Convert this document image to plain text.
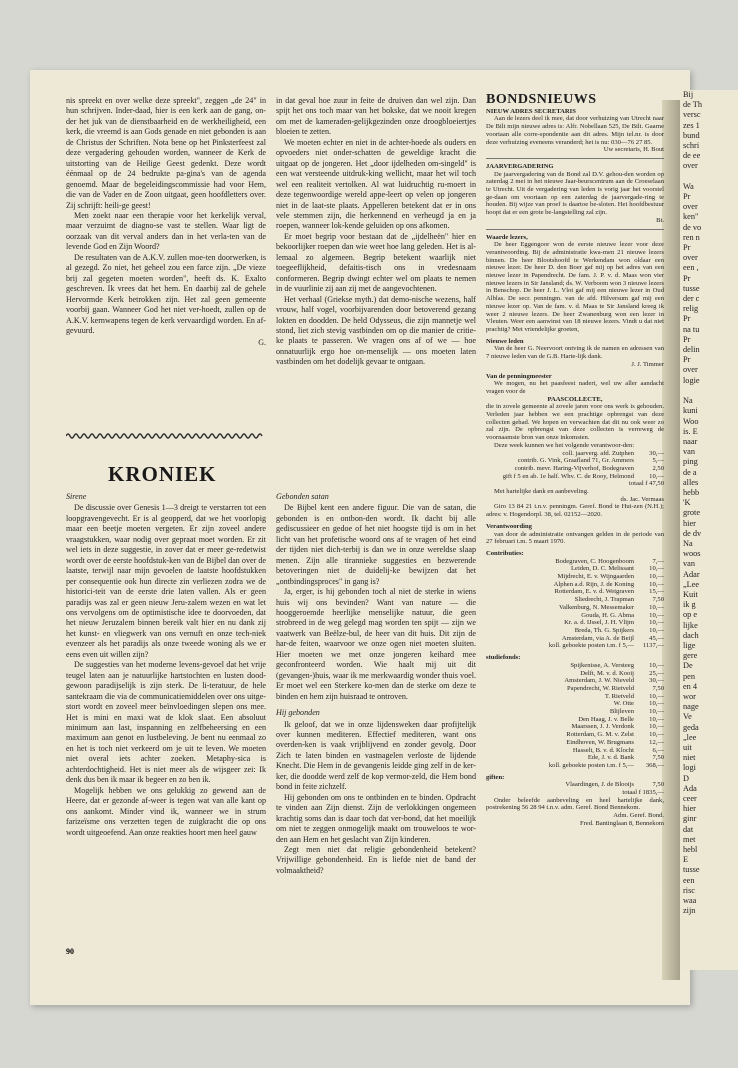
Bij
de Th
versc
zes 1
bund
schri
de ee
over

Wa
Pr
over
ken"
de vo
ren n
Pr
over
een ,
Pr
tusse
der c
relig
Pr
na tu
Pr
delin
Pr
over
logie

Na
kuni
Woo
is. E
naar
van
ping
de a
alles
hebb
'K
grote
hier
de dv
Na
woos
van
Adar
„Lee
Kuit
ik g
op e
lijke
dach
lige
gere
De
pen
en 4
wor
nage
Ve
geda
„lee
uit
niet
logi
D
Ada
ceer
hier
ginr
dat
met
hebl
E
tusse
een
risc
waa
zijn

nis spreekt en over welke deze spreekt", zeggen „de 24" in hun schrijven. Inder-daad, hier is een kerk aan de gang, on-der het juk van de dienstbaarheid en de werkheiligheid, een kerk, die vreemd is aan Gods genade en niet gebonden is aan de Christus der Schriften. Nota bene op het Pinksterfeest zal deze vergadering gehouden worden, wanneer de Kerk de uitstorting van de Heilige Geest gedenkt. Deze wordt éénmaal op de 24 bedrukte pa-gina's van de agenda genoemd. Maar de begeleidingscommissie had voor Hem, die van de Vader en de Zoon uitgaat, geen hoofdletters over. Zij schrijft: heili-ge geest!

Men zoekt naar een therapie voor het kerkelijk verval, maar verzuimt de diagno-se vast te stellen. Waar ligt de oorzaak van dit verval anders dan in het verla-ten van de levende God en Zijn Woord?

De resultaten van de A.K.V. zullen moe-ten doorwerken, is al gezegd. Zo niet, het geheel zou een farce zijn. „De vieze brij zal gegeten moeten worden", heeft ds. K. Exalto geschreven. Ik vrees dat het hem. En daarbij zal de gehele Hervormde Kerk betrokken zijn. Het zal geen gemeente voorbij gaan. Wanneer God het niet ver-hoedt, zullen op de A.K.V. kernwapens tegen de kerk vervaardigd worden. En af-gevuurd.

G.

in dat geval hoe zuur in feite de druiven dan wel zijn. Dan spijt het ons toch maar van het bokske, dat we nooit kregen om met de kameraden-gelijkgezinden onze droogbloeiertjes bloeien te zetten.

We moeten echter en niet in de achter-hoede als ouders en opvoeders niet onder-schatten de geweldige kracht die uitgaat op de jongeren. Het „door ijdelheden om-singeld" is een wat versteende uitdruk-king wellicht, maar het wil toch wel een realiteit vertolken. Al wat luidruchtig ru-moert in deze tegenwoordige wereld appe-leert op velen op jongeren niet in de laat-ste plaats. Appelleren betekent dat er in ons vele stemmen zijn, die herkennend en verheugd ja en ja roepen, wanneer lok-kende geluiden op ons afkomen.

Er moet begrip voor bestaan dat de „ijdelheën" hier en bekoorlijker roepen dan wie weet hoe lang geleden. Het is al-lemaal zo algemeen. Begrip betekent waarlijk niet toegeeflijkheid, defaitis-tisch ons in vredesnaam conformeren. Begrip dwingt echter wel om plaats te nemen in de vuurlinie zij aan zij met de aangevochtenen.

Het verhaal (Griekse myth.) dat demo-nische wezens, half vrouw, half vogel, voorbijvarenden door betoverend gezang lokten en doodden. De held Odysseus, die zijn mannetje wel stond, liet zich stevig vastbinden om op die manier de critie-ke plaats te passeren. We vragen ons af of we — hoe onnatuurlijk ergo hoe on-menselijk — ons moeten laten vastbinden om het dodelijk gevaar te ontgaan.

KRONIEK
Sirene

De discussie over Genesis 1—3 dreigt te verstarren tot een loopgravengevecht. Er is al geopperd, dat we het voorlopig maar een beetje moeten vergeten. Er zijn zoveel andere vraagstukken, waar nodig over gepraat moet worden. Er zit wel iets in deze suggestie, in zover dat er meer ge-redetwist wordt over de eerste hoofdstuk-ken van de Bijbel dan over de laatste, terwijl naar mijn gevoelen de laatste hoofdstukken per consequentie ook hun directe zin verliezen zodra we de historici-teit van de eerste drie laten vallen. Als er geen paradijs was zal er geen nieuw Jeru-zalem wezen en wat let ons vervolgens om de optimistische idee te doorvoeden, dat het nieuw Jeruzalem binnen bereik valt hier en nu dank zij het kunst- en vliegwerk van ons vernuft en onze tech-niek evenzeer als het paradijs als onze tweede woning als we er eens even uit willen zijn?

De suggesties van het moderne levens-gevoel dat het vrije teugel laten aan je natuurlijke hartstochten en lusten dood-gewoon paradijselijk is zijn sterk. De li-teratuur, de hele santekraam die via de communicatiemiddelen over ons uitge-stort wordt en zoveel meer beïnvloedingen slepen ons mee. Het is mini en maxi wat de klok slaat. Een absoluut minimum aan last, inspanning en zelfbeheersing en een maximum aan genot en lustbeleving. Je bent nu eenmaal zo en het is toch niet verkeerd om je uit te leven. We moeten niet overal iets achter zoeken. Metaphy-sica is achterdochtigheid. Het is niet meer als de wijsgeer zei: Ik denk dus ben ik maar ik begeer en zo ben ik.

Mogelijk hebben we ons gelukkig zo gewend aan de Heere, dat er gezonde af-weer is tegen wat van alle kant op ons aankomt. Minder vind ik, wanneer we in strum farizeïsme ons verzetten tegen de zuigkracht die op ons wordt uitgeoefend. Aan onze reakties hoort men heel gauw

Gebonden satan

De Bijbel kent een andere figuur. Die van de satan, die gebonden is en ontbon-den wordt. Ik dacht bij alle gediscussieer en gedoe of het niet hoogste tijd is om in het licht van het profetische woord ons af te vragen of het eind der tijden niet dich-terbij is dan we in onze wereldse slaap menen. Zijn alle tirannieke suggesties en bezwerende betoveringen niet de duidelij-ke bewijzen dat het „ontbindingsproces" in gang is?

Ja, erger, is hij gebonden toch al niet de sterke in wiens huis wij ons bevinden? Want van nature — die hooggeroemde heerlijke menselijke natuur, die geen strobreed in de weg gelegd mag worden ten spijt — zijn we vaatwerk van Beëlze-bul, de heer van dit huis. Dit zijn de har-de feiten, waarvoor we onze ogen niet moeten sluiten. Hier moeten we met onze jongeren keihard mee geconfronteerd worden. Wie haalt mij uit dit (gevangen-)huis, waar ik me merkwaardig wonder thuis voel. Er moet wel een Sterkere ko-men dan de sterke om deze te binden en hem zijn huisraad te ontroven.

Hij gebonden

Ik geloof, dat we in onze lijdensweken daar profijtelijk over kunnen mediteren. Effectief mediteren, want ons overden-ken is vaak vrijblijvend en zonder gevolg. Door Zich te laten binden en vastnagelen verloste de lijdende Knecht. Die Hem in de gevangenis leidde ging zelf in de ker-ker, die doodde werd zelf de kop vermor-zeld, die Hem bond bond in feite zichzelf.

Hij gebonden om ons te ontbinden en te binden. Opdracht te vinden aan Zijn dienst. Zijn de verlokkingen ongemeen krachtig soms dan is daar toch dat ver-bond, dat het moeilijk om niet te zeggen onmogelijk maakt om trouweloos te wor-den aan Hem en het geslacht van Zijn kinderen.

Zegt men niet dat religie gebondenheid betekent? Vrijwillige gebondenheid. En is liefde niet de band der volmaaktheid?

90
BONDSNIEUWS
NIEUW ADRES SECRETARIS

Aan de lezers deel ik mee, dat door verhuizing van Utrecht naar De Bilt mijn nieuwe adres is: Alfr. Nobellaan 525, De Bilt. Gaarne voortaan alle corre-spondentie aan dit adres. Mijn tel.nr. is door deze verhuizing eveneens veranderd; het is nu: 030—76 27 85.

Uw secretaris, H. Bout
JAARVERGADERING

De jaarvergadering van de Bond zal D.V. gehou-den worden op zaterdag 2 mei in het nieuwe Jaar-beurscentrum aan de Croeselaan te Utrecht. Uit de vergadering van leden is vorig jaar het voorstel ge-daan om voortaan op een zaterdag de jaarvergade-ring te houden. Bij wijze van proef is daartoe be-sloten. Het hoofdbestuur hoopt dat er een grote be-langstelling zal zijn.

Bt.
Waarde lezers,

De heer Eggengoor won de eerste nieuwe lezer voor deze verantwoording. Bij de administratie kwa-men 21 nieuwe lezers binnen. De heer Blootshoofd te Werkendam won oldaar een nieuwe lezer. De heer D. den Boer gaf mij op het adres van een nieuwe lezer in Papendrecht. De fam. J. P. v. d. Maas won vier nieuwe lezers in Sir Jansland; ds. W. Verboom won 3 nieuwe lezers in Benschop. De heer J. L. Vlot gaf mij een nieuwe lezer in Oud Alblas. De secr. penningm. van de afd. Hilversum gaf mij een nieuwe lezer op. Van de fam. v. d. Maas te Sir Jansland kreeg ik weer 2 nieuwe lezers. De heer Zwanenburg won een lezer in Vleuten. Weer een aanwinst van 18 nieuwe lezers. Vindt u dat niet prachtig? Met vriendelijke groeten,

Nieuwe leden

Van de heer G. Neervoort ontving ik de namen en adressen van 7 nieuwe leden van de G.B. Harte-lijk dank.

J. J. Timmer
Van de penningmeester

We mogen, nu het paasfeest nadert, wel uw aller aandacht vragen voor de

PAASCOLLECTE,

die in zovele gemeente al zovele jaren voor ons werk is gehouden. Verleden jaar hebben we een prachtige opbrengst van deze collecten gehad. We hopen en verwachten dat dit nu ook weer zo zal zijn. De opbrengst van deze collecten is verreweg de voornaamste bron van onze inkomsten.

Deze week kunnen we het volgende verantwoor-den:

coll. jaarverg. afd. Zutphen	30,—
contrib. G. Vink, Graafland 71, Gr. Ammers	5,—
contrib. mevr. Haring-Vijverhof, Bodegraven	2,50
gift f 5 en ab. 1e half. Whv. C. de Rooy, Helmond	10,—
totaal f 47,50

Met hartelijke dank en aanbeveling.

ds. Jac. Vermaas

Giro 13 84 21 t.n.v. penningm. Geref. Bond te Hui-zen (N.H.); adres: v. Hogendorpl. 38, tel. 02152—2020.

Verantwoording

van door de administratie ontvangen gelden in de periode van 27 februari t.m. 5 maart 1970.

Contributies:
Bodegraven, C. Hoogenboom	7,—
Leiden, D. C. Melissant	10,—
Mijdrecht, E. v. Wijngaarden	10,—
Alphen a.d. Rijn, J. de Koning	10,—
Rotterdam, E. v. d. Wetgraven	15,—
Sliedrecht, J. Trapman	7,50
Valkenburg, N. Messemaker	10,—
Gouda, H. G. Abma	10,—
Kr. a. d. IJssel, J. H. Vlijm	10,—
Breda, Th. G. Spijkers	10,—
Amsterdam, via A. de Beijl	45,—
koll. geboekte posten t.m. f 5,—	1137,—
studiefonds:
Spijkenisse, A. Versteeg	10,—
Delft, M. v. d. Kooij	25,—
Amsterdam, J. W. Nieveld	30,—
Papendrecht, W. Rietveld	7,50
T. Rietveld	10,—
W. Otte	10,—
Blijleven	10,—
Den Haag, J. v. Belle	10,—
Maarssen, J. J. Verdonk	10,—
Rotterdam, G. M. v. Zelst	10,—
Eindhoven, W. Brugmans	12,—
Hasselt, B. v. d. Klocht	6,—
Ede, J. v. d. Bank	7,50
koll. geboekte posten t.m. f 5,—	368,—
giften:
Vlaardingen, J. de Blooijs	7,50
totaal f 1835,—

Onder beleefde aanbeveling en heel hartelijke dank, postrekening 56 28 94 t.n.v. adm. Geref. Bond Bennekom.

Adm. Geref. Bond.
Fred. Bantinglaan 8, Bennekom
